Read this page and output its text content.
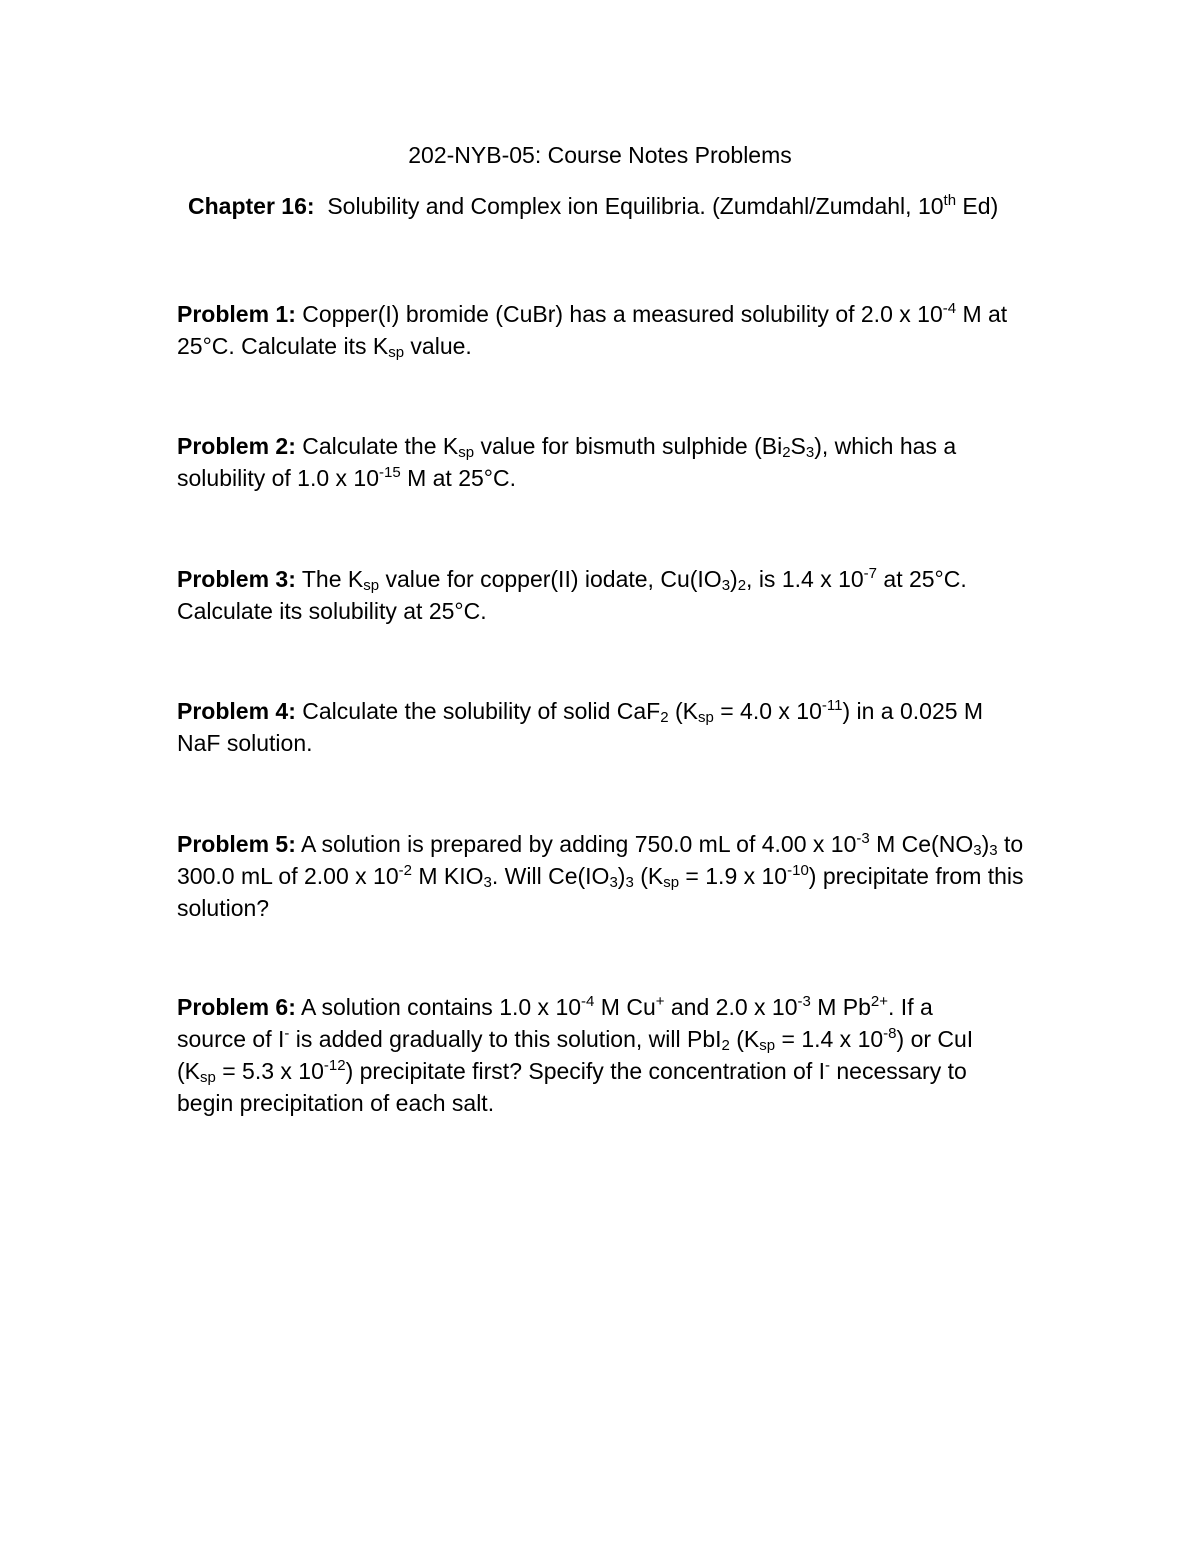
202-NYB-05: Course Notes Problems
Chapter 16:  Solubility and Complex ion Equilibria. (Zumdahl/Zumdahl, 10th Ed)
Problem 1: Copper(I) bromide (CuBr) has a measured solubility of 2.0 x $10^{-4}$ M at 25°C. Calculate its $K_{sp}$ value.
Problem 2: Calculate the $K_{sp}$ value for bismuth sulphide $(Bi_2S_3)$, which has a solubility of 1.0 x $10^{-15}$ M at 25°C.
Problem 3: The $K_{sp}$ value for copper(II) iodate, $Cu(IO_3)_2$, is 1.4 x $10^{-7}$ at 25°C. Calculate its solubility at 25°C.
Problem 4: Calculate the solubility of solid CaF$_2$ ($K_{sp} = 4.0$ x $10^{-11}$) in a 0.025 M NaF solution.
Problem 5: A solution is prepared by adding 750.0 mL of 4.00 x $10^{-3}$ M $Ce(NO_3)_3$ to 300.0 mL of 2.00 x $10^{-2}$ M $KIO_3$. Will $Ce(IO_3)_3$ ($K_{sp} = 1.9$ x $10^{-10}$) precipitate from this solution?
Problem 6: A solution contains 1.0 x $10^{-4}$ M Cu+ and 2.0 x $10^{-3}$ M $Pb^{2+}$. If a source of I- is added gradually to this solution, will PbI$_2$ ($K_{sp} = 1.4$ x $10^{-8}$) or CuI ($K_{sp} = 5.3$ x $10^{-12}$) precipitate first? Specify the concentration of I- necessary to begin precipitation of each salt.
